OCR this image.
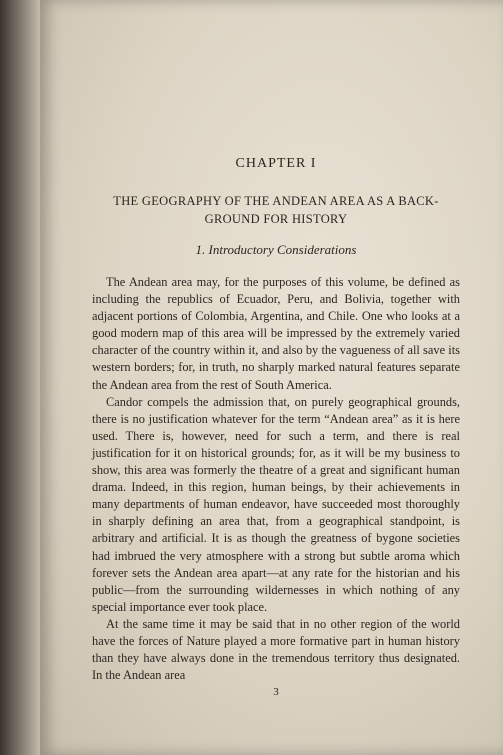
CHAPTER I
THE GEOGRAPHY OF THE ANDEAN AREA AS A BACK-GROUND FOR HISTORY
1. Introductory Considerations

The Andean area may, for the purposes of this volume, be defined as including the republics of Ecuador, Peru, and Bolivia, together with adjacent portions of Colombia, Argentina, and Chile. One who looks at a good modern map of this area will be impressed by the extremely varied character of the country within it, and also by the vagueness of all save its western borders; for, in truth, no sharply marked natural features separate the Andean area from the rest of South America.

Candor compels the admission that, on purely geographical grounds, there is no justification whatever for the term “Andean area” as it is here used. There is, however, need for such a term, and there is real justification for it on historical grounds; for, as it will be my business to show, this area was formerly the theatre of a great and significant human drama. Indeed, in this region, human beings, by their achievements in many departments of human endeavor, have succeeded most thoroughly in sharply defining an area that, from a geographical standpoint, is arbitrary and artificial. It is as though the greatness of bygone societies had imbrued the very atmosphere with a strong but subtle aroma which forever sets the Andean area apart—at any rate for the historian and his public—from the surrounding wildernesses in which nothing of any special importance ever took place.

At the same time it may be said that in no other region of the world have the forces of Nature played a more formative part in human history than they have always done in the tremendous territory thus designated. In the Andean area

3
